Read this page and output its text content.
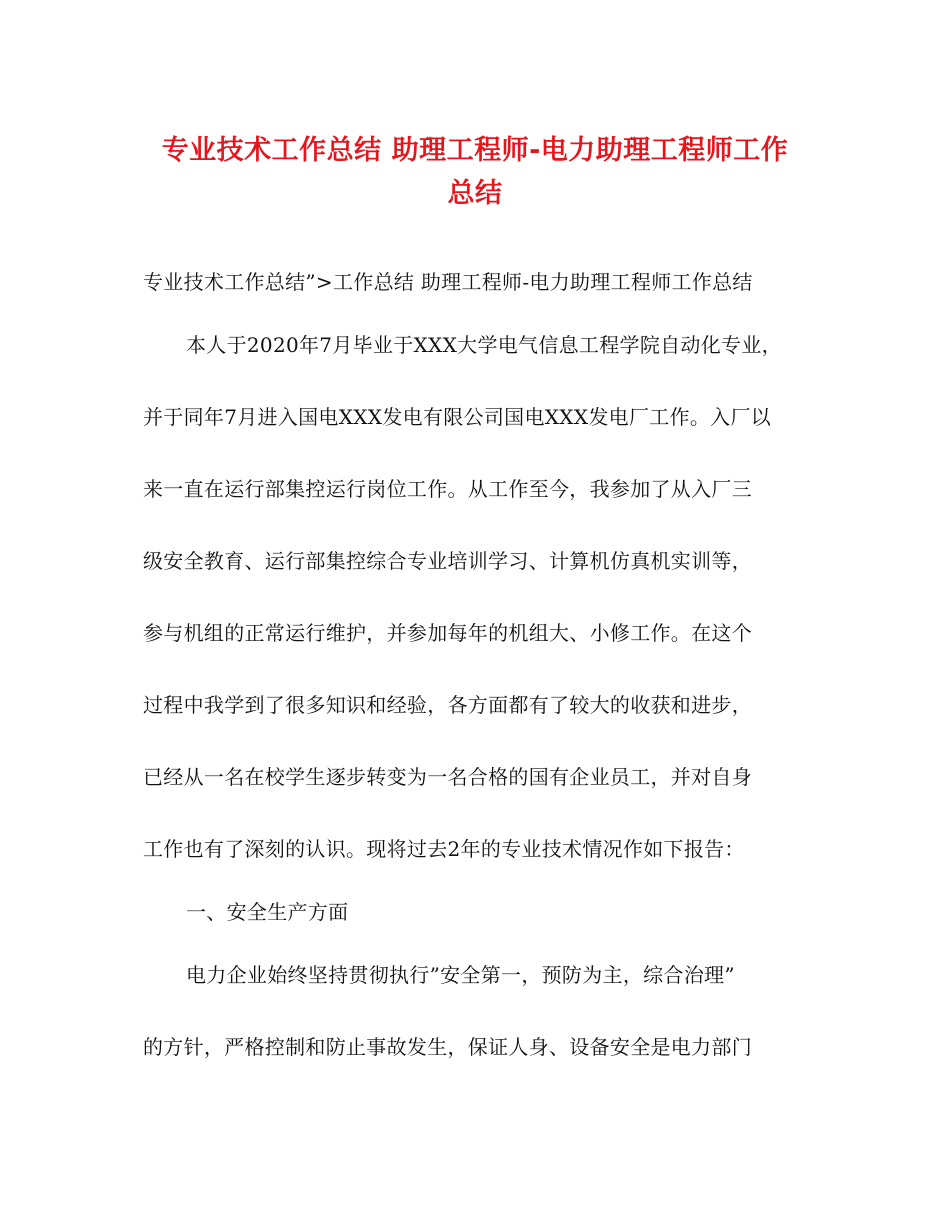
专业技术工作总结 助理工程师-电力助理工程师工作
总结
专业技术工作总结”>工作总结 助理工程师-电力助理工程师工作总结
本人于2020年7月毕业于XXX大学电气信息工程学院自动化专业，
并于同年7月进入国电XXX发电有限公司国电XXX发电厂工作。入厂以
来一直在运行部集控运行岗位工作。从工作至今，我参加了从入厂三
级安全教育、运行部集控综合专业培训学习、计算机仿真机实训等，
参与机组的正常运行维护，并参加每年的机组大、小修工作。在这个
过程中我学到了很多知识和经验，各方面都有了较大的收获和进步，
已经从一名在校学生逐步转变为一名合格的国有企业员工，并对自身
工作也有了深刻的认识。现将过去2年的专业技术情况作如下报告：
一、安全生产方面
电力企业始终坚持贯彻执行”安全第一，预防为主，综合治理”
的方针，严格控制和防止事故发生，保证人身、设备安全是电力部门
